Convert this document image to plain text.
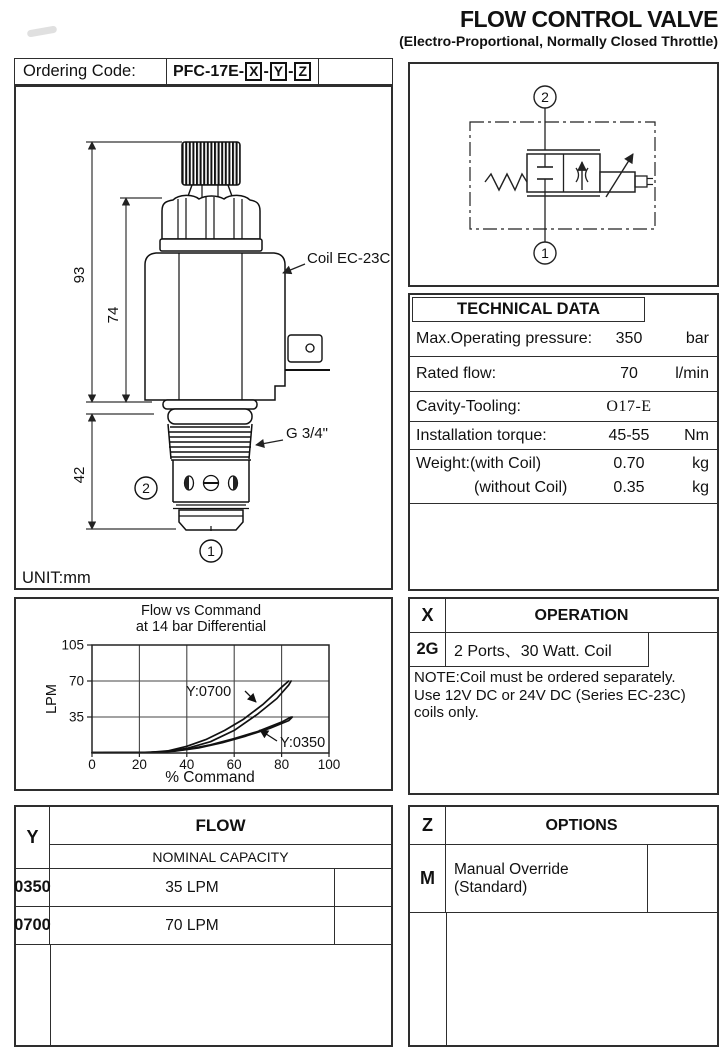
FLOW CONTROL VALVE
(Electro-Proportional, Normally Closed Throttle)
Ordering Code:	PFC-17E- X - Y - Z
93
74
42
2
1
Coil EC-23C
G 3/4"
UNIT:mm
2
1
TECHNICAL DATA
Max.Operating pressure:	350	bar
Rated flow:	70	l/min
Cavity-Tooling:	O17-E
Installation torque:	45-55	Nm
Weight:(with Coil)	0.70	kg
(without Coil)	0.35	kg
Flow vs Command
at 14 bar Differential
LPM
% Command
0	20 40 60 80 100
35
70
105
Y:0700
Y:0350
X	OPERATION
2G 2 Ports、30 Watt. Coil
NOTE:Coil must be ordered separately.
Use 12V DC or 24V DC (Series EC-23C)
coils only.
Y
FLOW
NOMINAL CAPACITY
0350	35 LPM
0700	70 LPM
Z	OPTIONS
M	Manual Override
(Standard)
